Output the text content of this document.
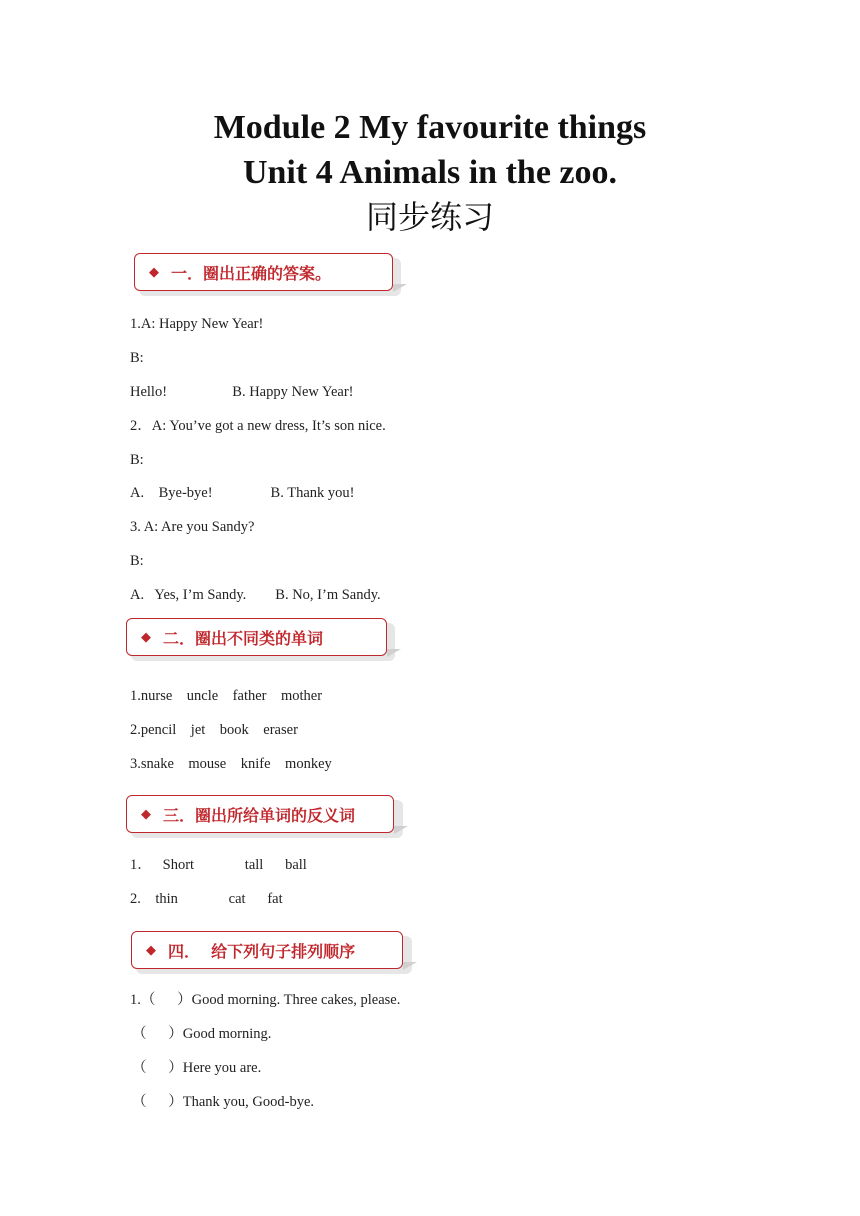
Module 2 My favourite things
Unit 4 Animals in the zoo.
同步练习
◆ 一．圈出正确的答案。
1.A: Happy New Year!
B:
Hello!                  B. Happy New Year!
2．A: You’ve got a new dress, It’s son nice.
B:
A.    Bye-bye!                B. Thank you!
3. A: Are you Sandy?
B:
A.   Yes, I’m Sandy.        B. No, I’m Sandy.
◆ 二．圈出不同类的单词
1.nurse    uncle    father    mother
2.pencil    jet    book    eraser
3.snake    mouse    knife    monkey
◆ 三．圈出所给单词的反义词
1．   Short              tall      ball
2.    thin              cat      fat
◆ 四．  给下列句子排列顺序
1.（      ）Good morning. Three cakes, please.
（      ）Good morning.
（      ）Here you are.
（      ）Thank you, Good-bye.
